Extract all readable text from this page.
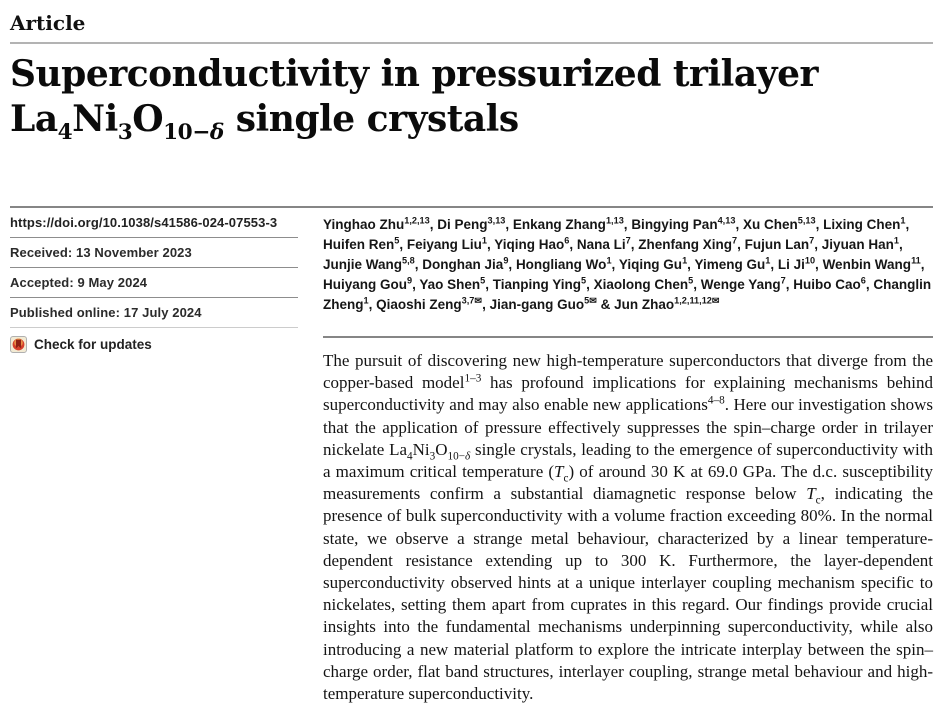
Article
Superconductivity in pressurized trilayer
$La_4Ni_3O_{10-\delta}$ single crystals
https://doi.org/10.1038/s41586-024-07553-3
Received: 13 November 2023
Accepted: 9 May 2024
Published online: 17 July 2024
Check for updates

Yinghao Zhu$^{1,2,13}$, Di Peng$^{3,13}$, Enkang Zhang$^{1,13}$, Bingying Pan$^{4,13}$, Xu Chen$^{5,13}$, Lixing Chen$^1$, Huifen Ren$^5$, Feiyang Liu$^1$, Yiqing Hao$^6$, Nana Li$^7$, Zhenfang Xing$^7$, Fujun Lan$^7$, Jiyuan Han$^1$, Junjie Wang$^{5,8}$, Donghan Jia$^9$, Hongliang Wo$^1$, Yiqing Gu$^1$, Yimeng Gu$^1$, Li Ji$^{10}$, Wenbin Wang$^{11}$, Huiyang Gou$^9$, Yao Shen$^5$, Tianping Ying$^5$, Xiaolong Chen$^5$, Wenge Yang$^7$, Huibo Cao$^6$, Changlin Zheng$^1$, Qiaoshi Zeng$^{3,7✉}$, Jian-gang Guo$^{5✉}$ & Jun Zhao$^{1,2,11,12✉}$

The pursuit of discovering new high-temperature superconductors that diverge from the copper-based model$^{1-3}$ has profound implications for explaining mechanisms behind superconductivity and may also enable new applications$^{4-8}$. Here our investigation shows that the application of pressure effectively suppresses the spin–charge order in trilayer nickelate $La_4Ni_3O_{10-\delta}$ single crystals, leading to the emergence of superconductivity with a maximum critical temperature $(T_c)$ of around 30 K at 69.0 GPa. The d.c. susceptibility measurements confirm a substantial diamagnetic response below $T_c$, indicating the presence of bulk superconductivity with a volume fraction exceeding 80%. In the normal state, we observe a strange metal behaviour, characterized by a linear temperature-dependent resistance extending up to 300 K. Furthermore, the layer-dependent superconductivity observed hints at a unique interlayer coupling mechanism specific to nickelates, setting them apart from cuprates in this regard. Our findings provide crucial insights into the fundamental mechanisms underpinning superconductivity, while also introducing a new material platform to explore the intricate interplay between the spin–charge order, flat band structures, interlayer coupling, strange metal behaviour and high-temperature superconductivity.
